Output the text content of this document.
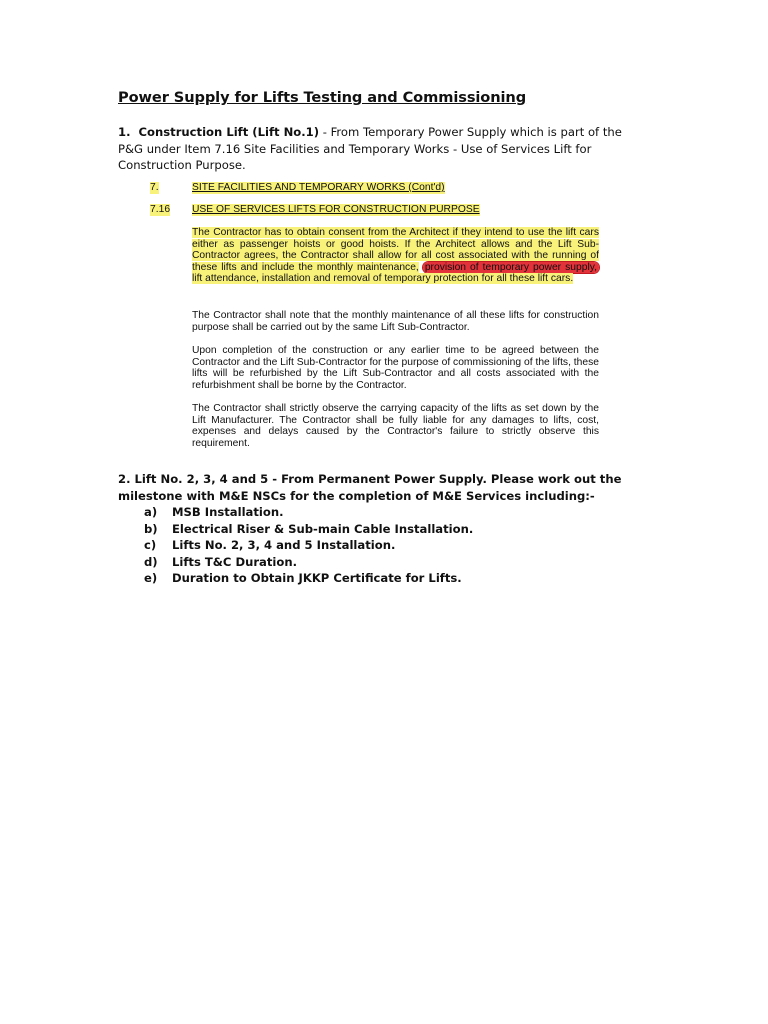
Power Supply for Lifts Testing and Commissioning
1. Construction Lift (Lift No.1) - From Temporary Power Supply which is part of the P&G under Item 7.16 Site Facilities and Temporary Works - Use of Services Lift for Construction Purpose.
7.	SITE FACILITIES AND TEMPORARY WORKS (Cont'd)
7.16 USE OF SERVICES LIFTS FOR CONSTRUCTION PURPOSE
The Contractor has to obtain consent from the Architect if they intend to use the lift cars either as passenger hoists or good hoists. If the Architect allows and the Lift Sub-Contractor agrees, the Contractor shall allow for all cost associated with the running of these lifts and include the monthly maintenance, provision of temporary power supply, lift attendance, installation and removal of temporary protection for all these lift cars.
The Contractor shall note that the monthly maintenance of all these lifts for construction purpose shall be carried out by the same Lift Sub-Contractor.
Upon completion of the construction or any earlier time to be agreed between the Contractor and the Lift Sub-Contractor for the purpose of commissioning of the lifts, these lifts will be refurbished by the Lift Sub-Contractor and all costs associated with the refurbishment shall be borne by the Contractor.
The Contractor shall strictly observe the carrying capacity of the lifts as set down by the Lift Manufacturer. The Contractor shall be fully liable for any damages to lifts, cost, expenses and delays caused by the Contractor's failure to strictly observe this requirement.
2. Lift No. 2, 3, 4 and 5 - From Permanent Power Supply. Please work out the milestone with M&E NSCs for the completion of M&E Services including:-
a) MSB Installation.
b) Electrical Riser & Sub-main Cable Installation.
c) Lifts No. 2, 3, 4 and 5 Installation.
d) Lifts T&C Duration.
e) Duration to Obtain JKKP Certificate for Lifts.
